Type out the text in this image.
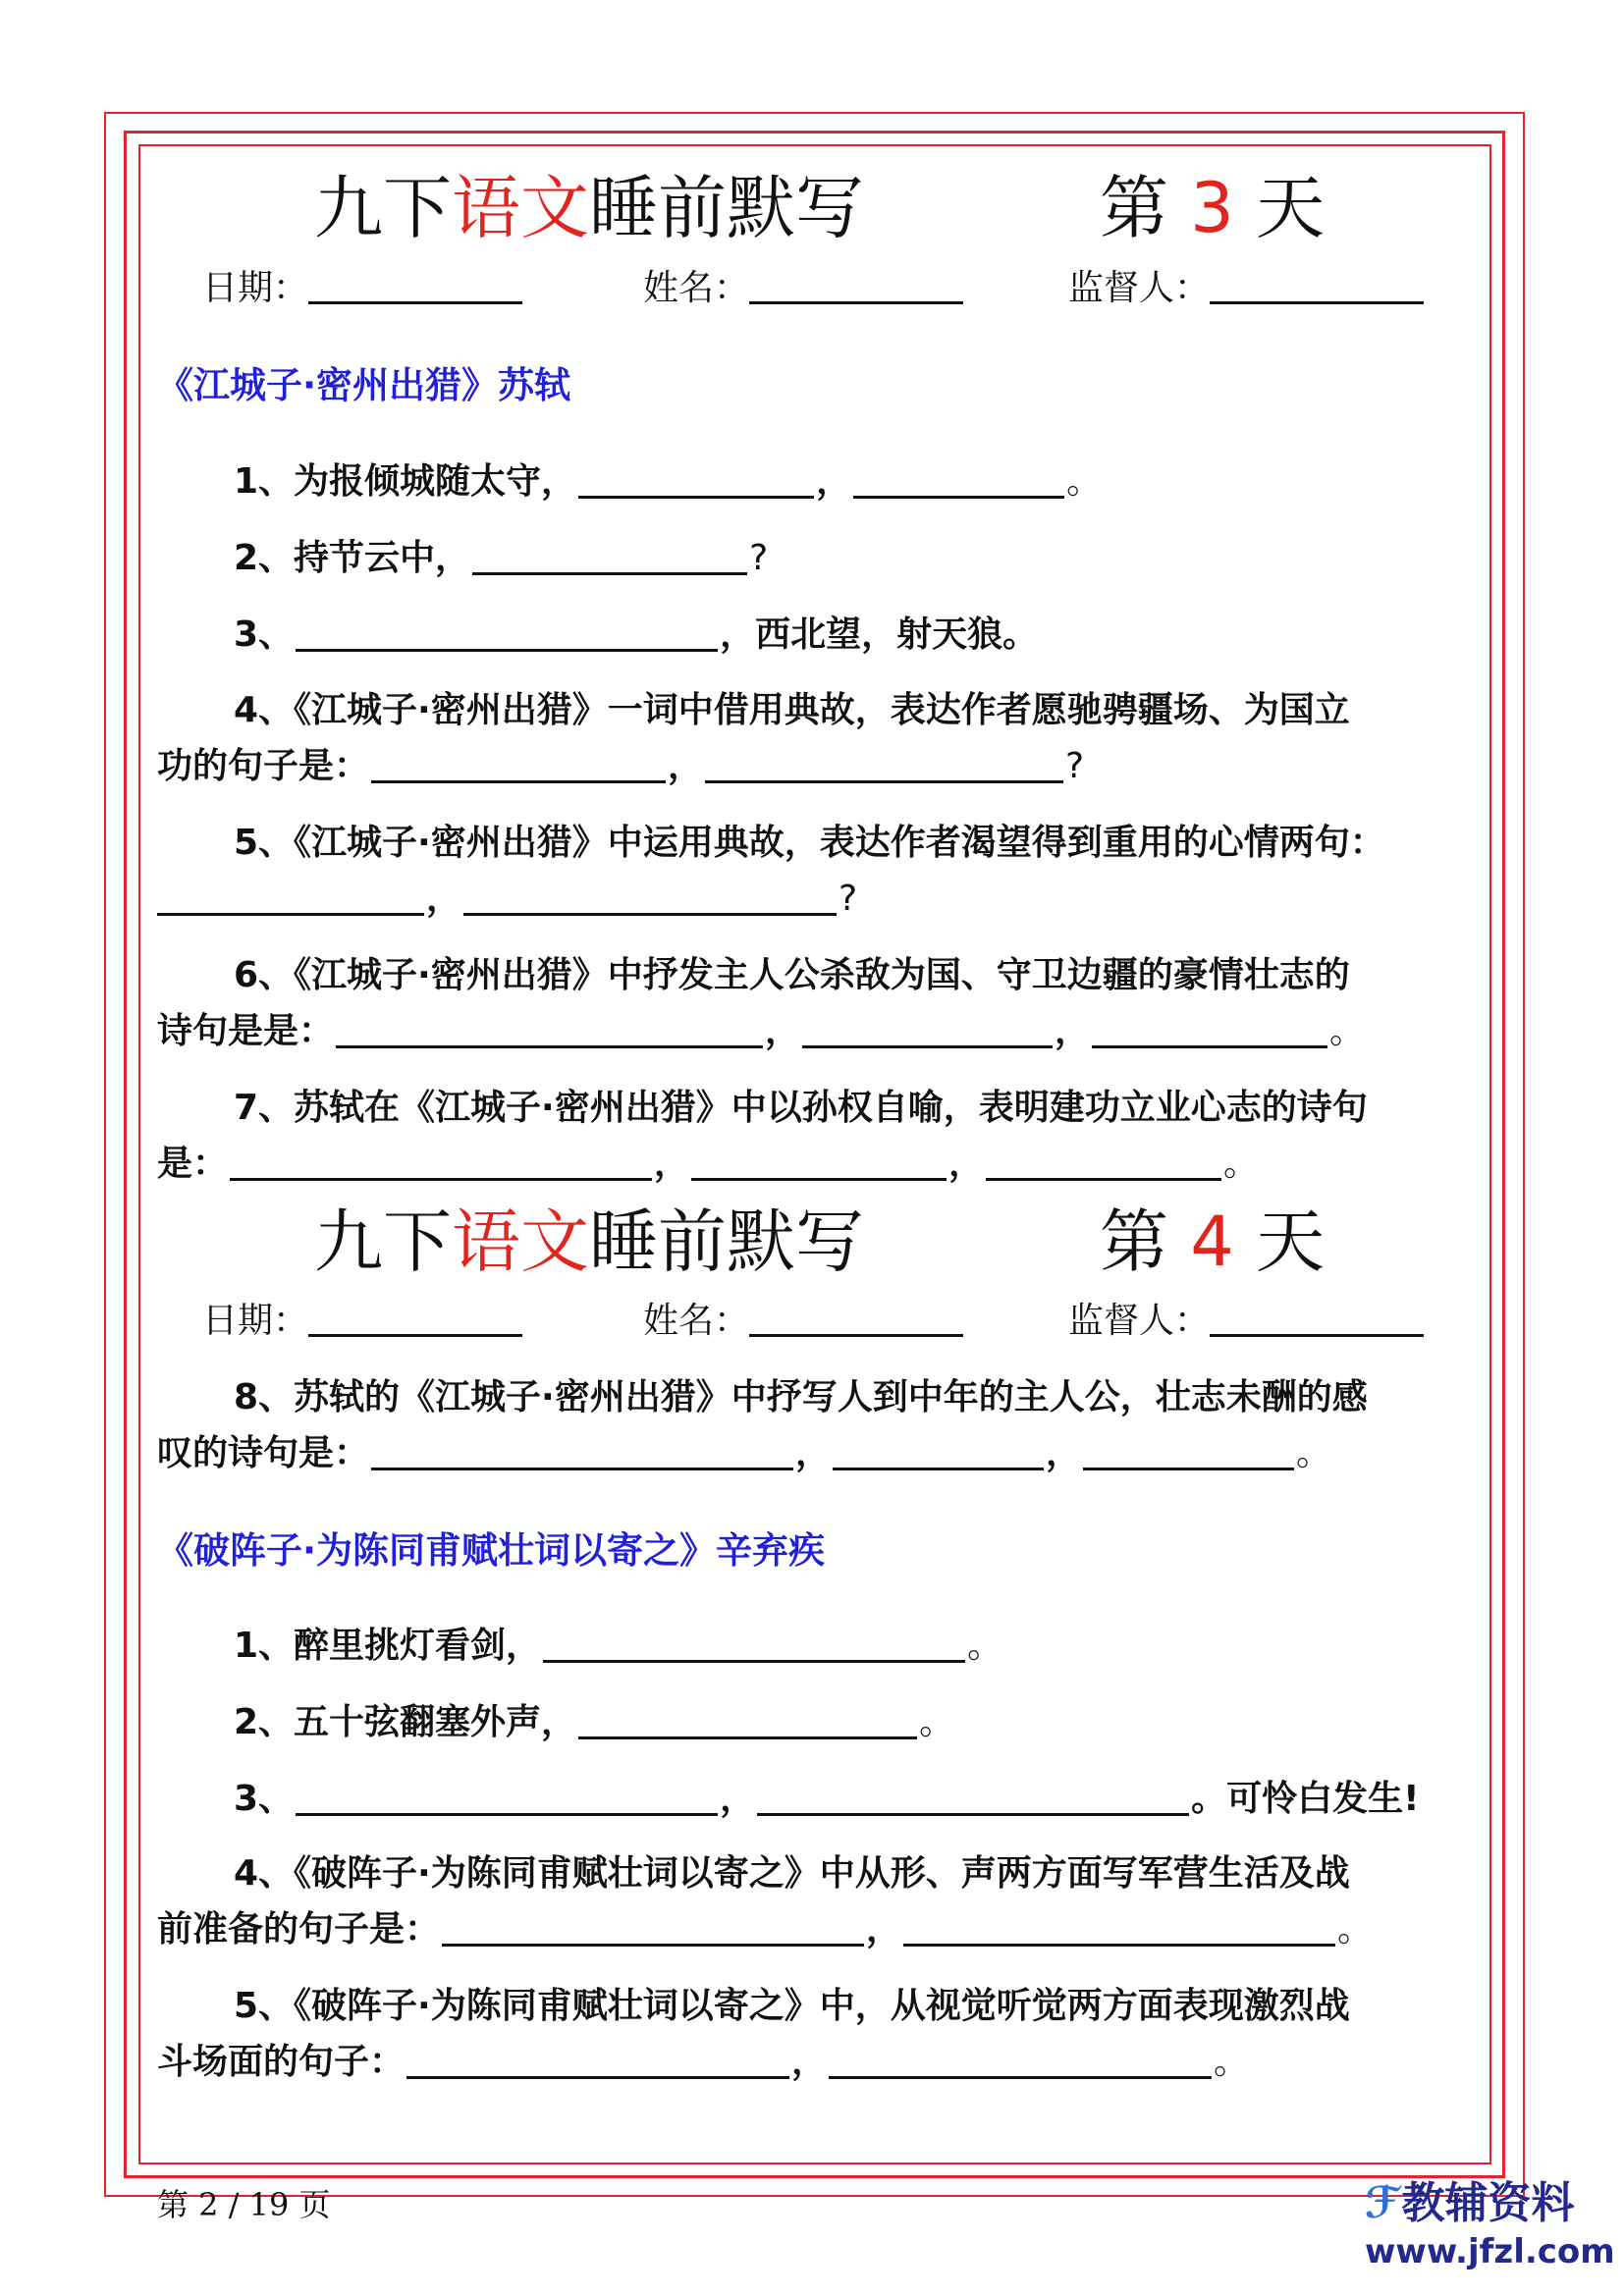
九下语文睡前默写	第 3 天
日期：	姓名：	监督人：
《江城子·密州出猎》苏轼
1、为报倾城随太守，	，	。
2、持节云中，	?
3、	，西北望，射天狼。
4、《江城子·密州出猎》一词中借用典故，表达作者愿驰骋疆场、为国立
功的句子是：	，	?
5、《江城子·密州出猎》中运用典故，表达作者渴望得到重用的心情两句：
，	?
6、《江城子·密州出猎》中抒发主人公杀敌为国、守卫边疆的豪情壮志的
诗句是是：	，	，	。
7、苏轼在《江城子·密州出猎》中以孙权自喻，表明建功立业心志的诗句
是：	，	，	。
九下语文睡前默写	第 4 天
日期：	姓名：	监督人：
8、苏轼的《江城子·密州出猎》中抒写人到中年的主人公，壮志未酬的感
叹的诗句是：	，	，	。
《破阵子·为陈同甫赋壮词以寄之》辛弃疾
1、醉里挑灯看剑，	。
2、五十弦翻塞外声，	。
3、	，	。可怜白发生!
4、《破阵子·为陈同甫赋壮词以寄之》中从形、声两方面写军营生活及战
前准备的句子是：	，	。
5、《破阵子·为陈同甫赋壮词以寄之》中，从视觉听觉两方面表现激烈战
斗场面的句子：	，	。
第 2 / 19 页	ℱ教辅资料
www.jfzl.com
